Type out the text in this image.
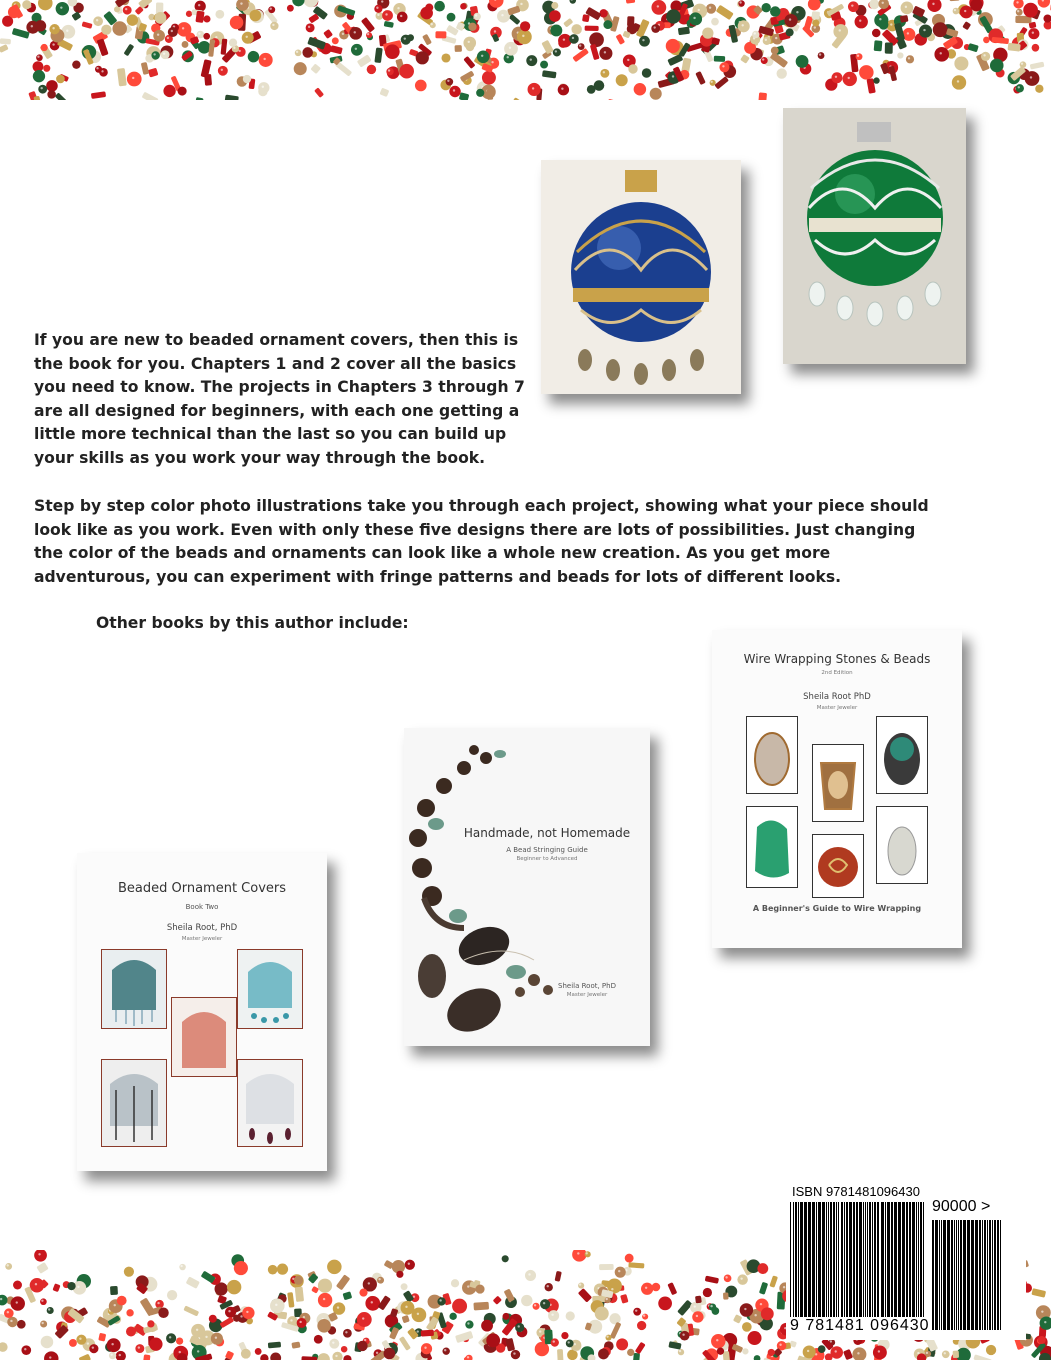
If you are new to beaded ornament covers, then this is the book for you. Chapters 1 and 2 cover all the basics you need to know. The projects in Chapters 3 through 7 are all designed for beginners, with each one getting a little more technical than the last so you can build up your skills as you work your way through the book.

Step by step color photo illustrations take you through each project, showing what your piece should look like as you work. Even with only these five designs there are lots of possibilities. Just changing the color of the beads and ornaments can look like a whole new creation. As you get more adventurous, you can experiment with fringe patterns and beads for lots of different looks.

Other books by this author include:

Beaded Ornament Covers
Book Two
Sheila Root, PhD
Master Jeweler
Handmade, not Homemade
A Bead Stringing Guide
Beginner to Advanced
Sheila Root, PhD
Master Jeweler
Wire Wrapping Stones & Beads
2nd Edition
Sheila Root PhD
Master Jeweler
A Beginner's Guide to Wire Wrapping
ISBN 9781481096430
90000 >
9 781481 096430
